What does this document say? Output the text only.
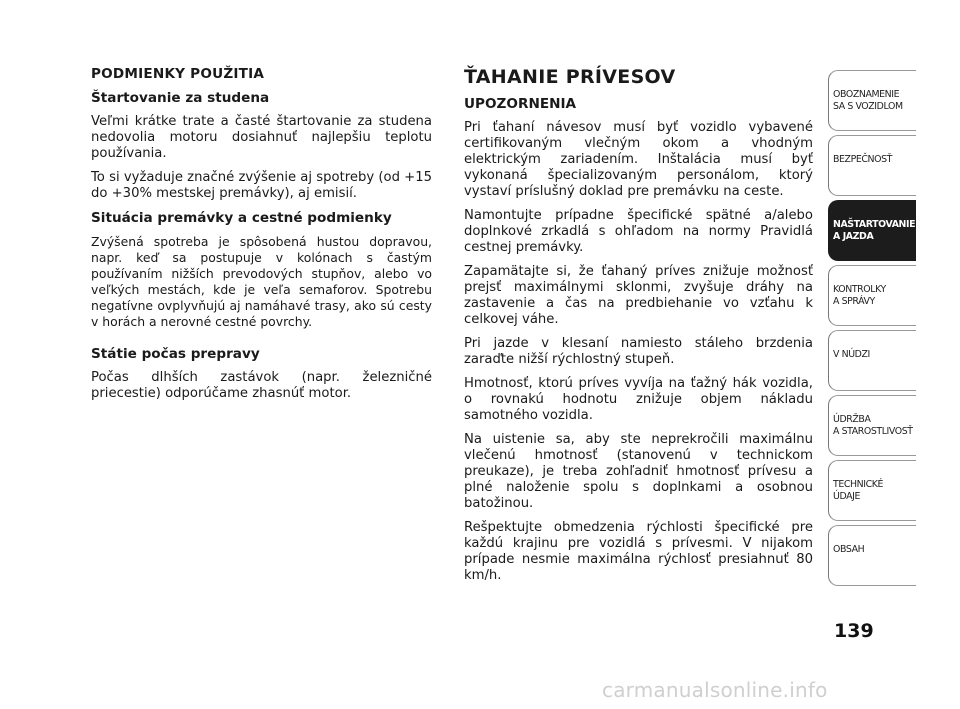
PODMIENKY POUŽITIA

Štartovanie za studena

Veľmi krátke trate a časté štartovanie za studena nedovolia motoru dosiahnuť najlepšiu teplotu používania.

To si vyžaduje značné zvýšenie aj spotreby (od +15 do +30% mestskej premávky), aj emisií.

Situácia premávky a cestné podmienky

Zvýšená spotreba je spôsobená hustou dopravou, napr. keď sa postupuje v kolónach s častým používaním nižších prevodových stupňov, alebo vo veľkých mestách, kde je veľa semaforov. Spotrebu negatívne ovplyvňujú aj namáhavé trasy, ako sú cesty v horách a nerovné cestné povrchy.

Státie počas prepravy

Počas dlhších zastávok (napr. železničné priecestie) odporúčame zhasnúť motor.

ŤAHANIE PRÍVESOV

UPOZORNENIA

Pri ťahaní návesov musí byť vozidlo vybavené certifikovaným vlečným okom a vhodným elektrickým zariadením. Inštalácia musí byť vykonaná špecializovaným personálom, ktorý vystaví príslušný doklad pre premávku na ceste.

Namontujte prípadne špecifické spätné a/alebo doplnkové zrkadlá s ohľadom na normy Pravidlá cestnej premávky.

Zapamätajte si, že ťahaný príves znižuje možnosť prejsť maximálnymi sklonmi, zvyšuje dráhy na zastavenie a čas na predbiehanie vo vzťahu k celkovej váhe.

Pri jazde v klesaní namiesto stáleho brzdenia zaraďte nižší rýchlostný stupeň.

Hmotnosť, ktorú príves vyvíja na ťažný hák vozidla, o rovnakú hodnotu znižuje objem nákladu samotného vozidla.

Na uistenie sa, aby ste neprekročili maximálnu vlečenú hmotnosť (stanovenú v technickom preukaze), je treba zohľadniť hmotnosť prívesu a plné naloženie spolu s doplnkami a osobnou batožinou.

Rešpektujte obmedzenia rýchlosti špecifické pre každú krajinu pre vozidlá s prívesmi. V nijakom prípade nesmie maximálna rýchlosť presiahnuť 80 km/h.

OBOZNAMENIE
SA S VOZIDLOM
BEZPEČNOSŤ
NAŠTARTOVANIE
A JAZDA
KONTROLKY
A SPRÁVY
V NÚDZI
ÚDRŽBA
A STAROSTLIVOSŤ
TECHNICKÉ
ÚDAJE
OBSAH
139
carmanualsonline.info
